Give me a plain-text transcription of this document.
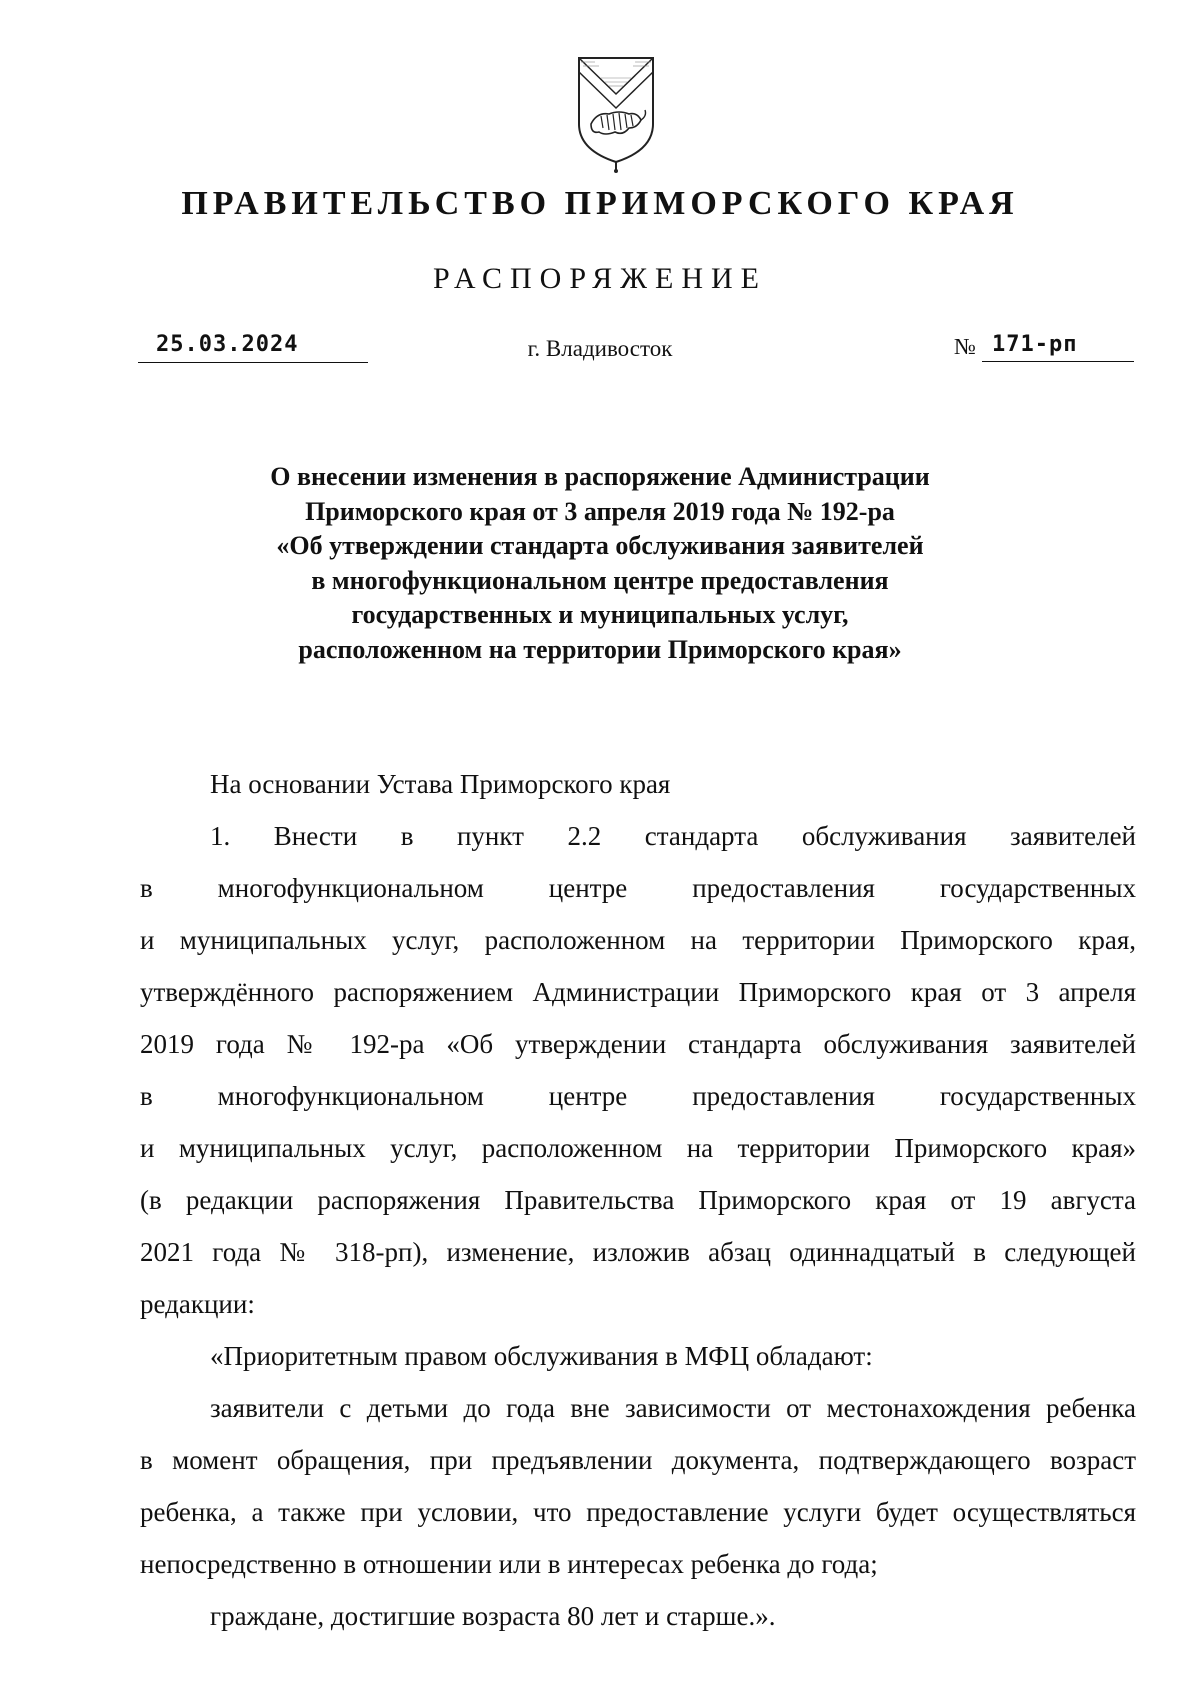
ПРАВИТЕЛЬСТВО ПРИМОРСКОГО КРАЯ
РАСПОРЯЖЕНИЕ
25.03.2024	г. Владивосток	№ 171-рп
О внесении изменения в распоряжение Администрации
Приморского края от 3 апреля 2019 года № 192-ра
«Об утверждении стандарта обслуживания заявителей
в многофункциональном центре предоставления
государственных и муниципальных услуг,
расположенном на территории Приморского края»

На основании Устава Приморского края

1. Внести в пункт 2.2 стандарта обслуживания заявителей
в многофункциональном центре предоставления государственных
и муниципальных услуг, расположенном на территории Приморского края,
утверждённого распоряжением Администрации Приморского края от 3 апреля
2019 года № 192-ра «Об утверждении стандарта обслуживания заявителей
в многофункциональном центре предоставления государственных
и муниципальных услуг, расположенном на территории Приморского края»
(в редакции распоряжения Правительства Приморского края от 19 августа
2021 года № 318-рп), изменение, изложив абзац одиннадцатый в следующей
редакции:

«Приоритетным правом обслуживания в МФЦ обладают:

заявители с детьми до года вне зависимости от местонахождения ребенка
в момент обращения, при предъявлении документа, подтверждающего возраст
ребенка, а также при условии, что предоставление услуги будет осуществляться
непосредственно в отношении или в интересах ребенка до года;

граждане, достигшие возраста 80 лет и старше.».
